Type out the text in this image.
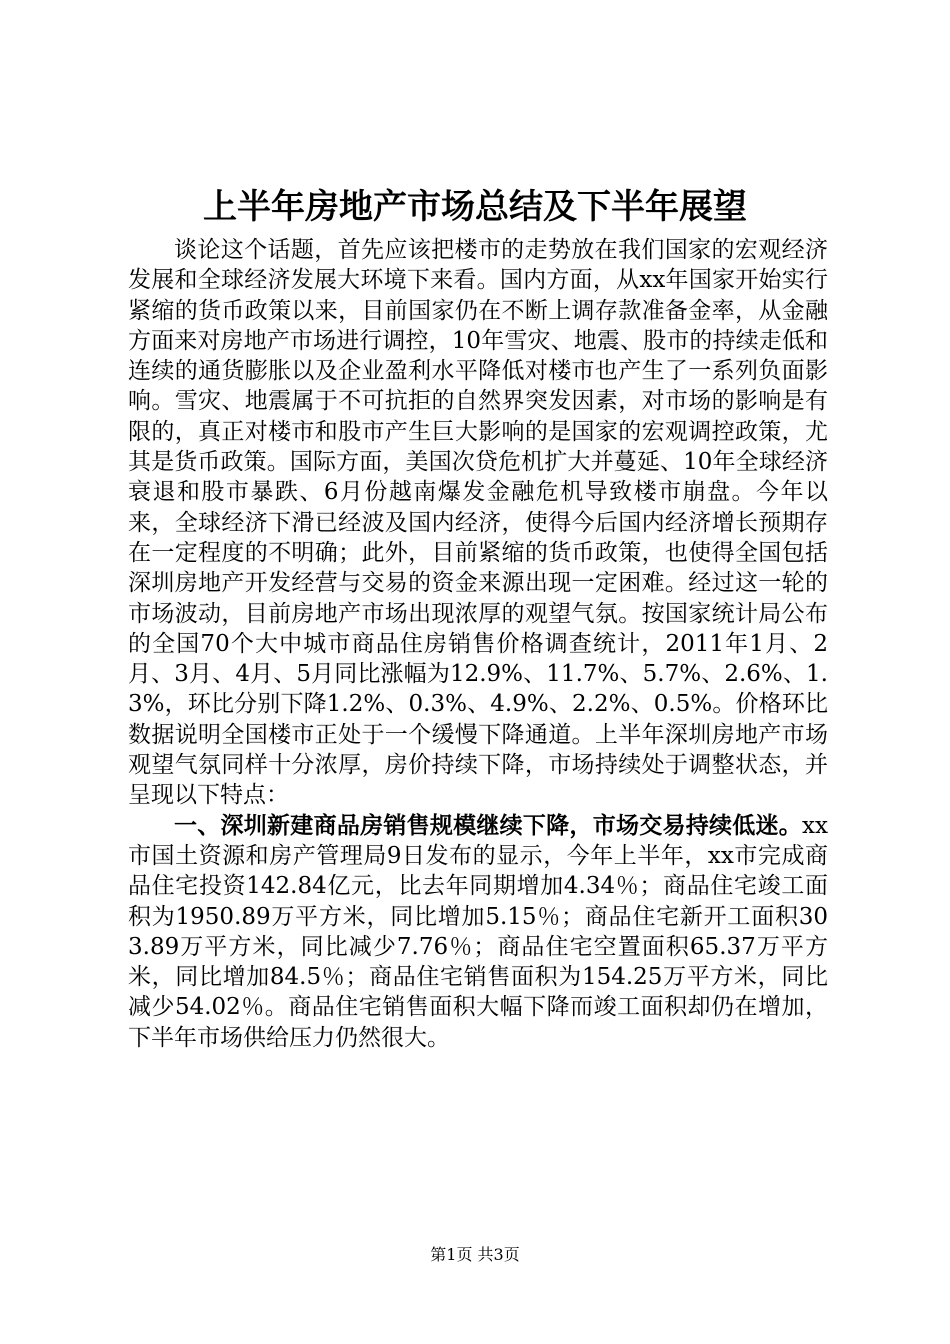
上半年房地产市场总结及下半年展望

谈论这个话题，首先应该把楼市的走势放在我们国家的宏观经济发展和全球经济发展大环境下来看。国内方面，从xx年国家开始实行紧缩的货币政策以来，目前国家仍在不断上调存款准备金率，从金融方面来对房地产市场进行调控，10年雪灾、地震、股市的持续走低和连续的通货膨胀以及企业盈利水平降低对楼市也产生了一系列负面影响。雪灾、地震属于不可抗拒的自然界突发因素，对市场的影响是有限的，真正对楼市和股市产生巨大影响的是国家的宏观调控政策，尤其是货币政策。国际方面，美国次贷危机扩大并蔓延、10年全球经济衰退和股市暴跌、6月份越南爆发金融危机导致楼市崩盘。今年以来，全球经济下滑已经波及国内经济，使得今后国内经济增长预期存在一定程度的不明确；此外，目前紧缩的货币政策，也使得全国包括深圳房地产开发经营与交易的资金来源出现一定困难。经过这一轮的市场波动，目前房地产市场出现浓厚的观望气氛。按国家统计局公布的全国70个大中城市商品住房销售价格调查统计，2011年1月、2月、3月、4月、5月同比涨幅为12.9%、11.7%、5.7%、2.6%、1.3%，环比分别下降1.2%、0.3%、4.9%、2.2%、0.5%。价格环比数据说明全国楼市正处于一个缓慢下降通道。上半年深圳房地产市场观望气氛同样十分浓厚，房价持续下降，市场持续处于调整状态，并呈现以下特点：

一、深圳新建商品房销售规模继续下降，市场交易持续低迷。xx市国土资源和房产管理局9日发布的显示，今年上半年，xx市完成商品住宅投资142.84亿元，比去年同期增加4.34％；商品住宅竣工面积为1950.89万平方米，同比增加5.15％；商品住宅新开工面积303.89万平方米，同比减少7.76％；商品住宅空置面积65.37万平方米，同比增加84.5％；商品住宅销售面积为154.25万平方米，同比减少54.02％。商品住宅销售面积大幅下降而竣工面积却仍在增加，下半年市场供给压力仍然很大。

第1页 共3页
